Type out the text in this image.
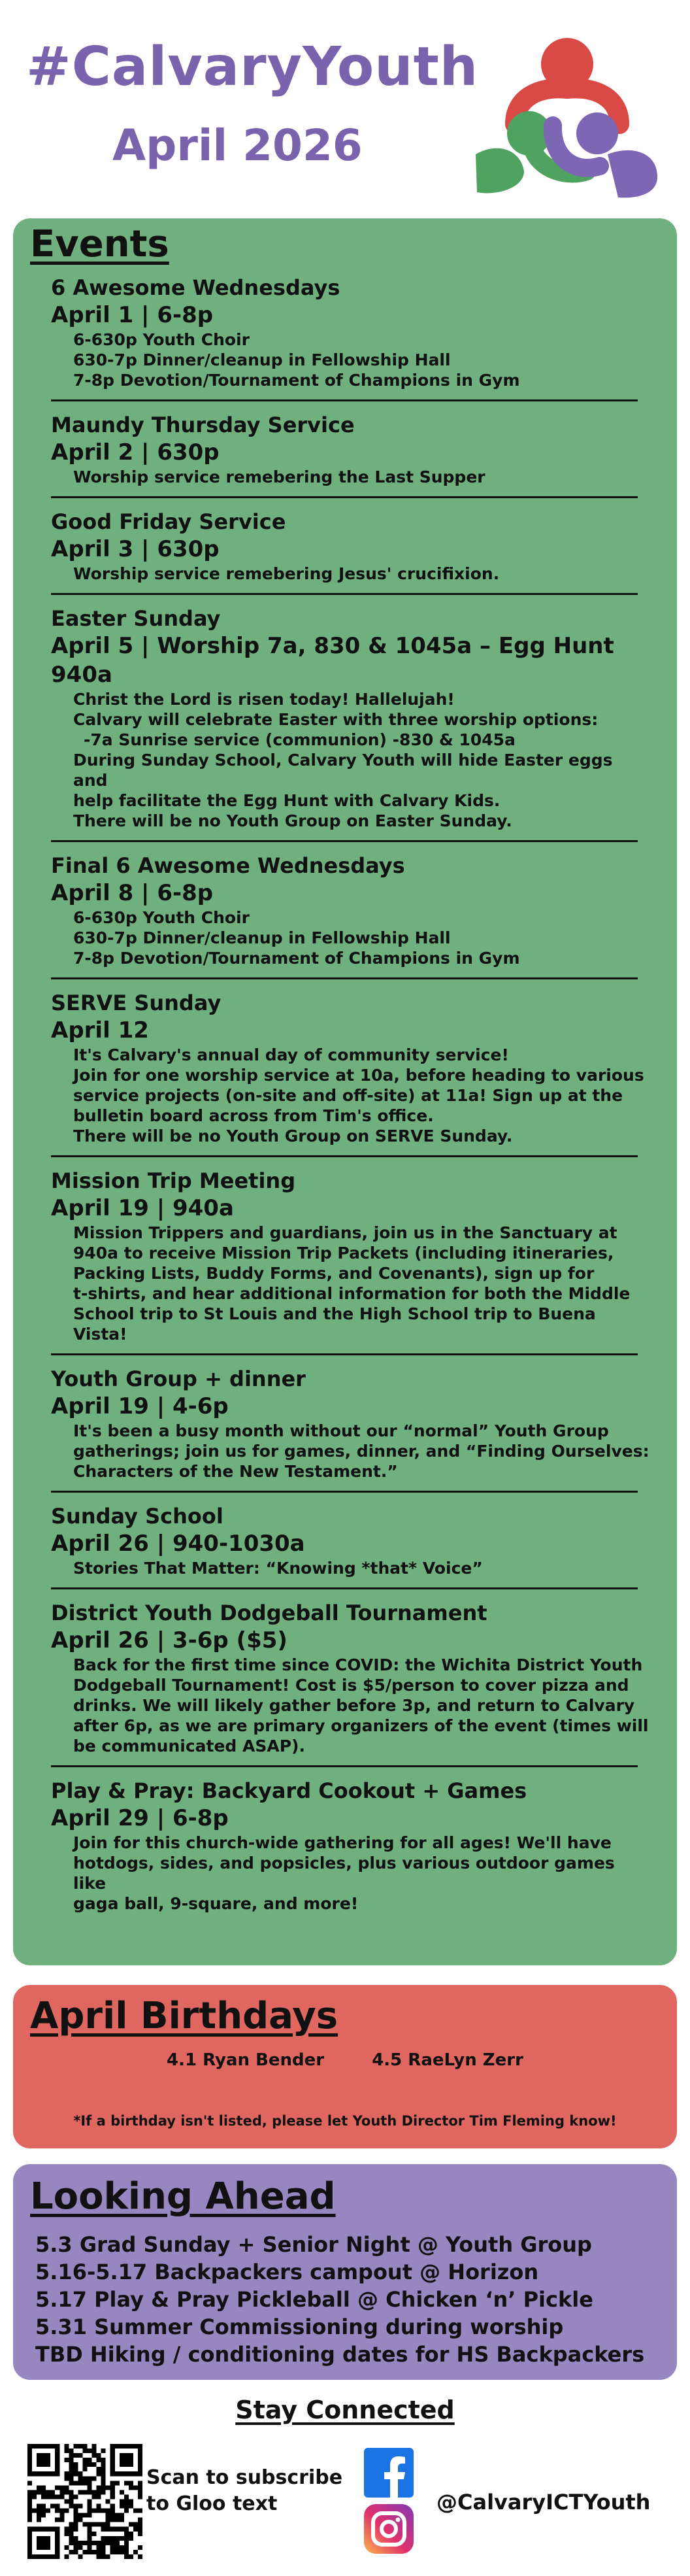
#CalvaryYouth
April 2026
Events
6 Awesome Wednesdays
April 1 | 6-8p
6-630p Youth Choir
630-7p Dinner/cleanup in Fellowship Hall
7-8p Devotion/Tournament of Champions in Gym
Maundy Thursday Service
April 2 | 630p
Worship service remebering the Last Supper
Good Friday Service
April 3 | 630p
Worship service remebering Jesus' crucifixion.
Easter Sunday
April 5 | Worship 7a, 830 & 1045a – Egg Hunt 940a
Christ the Lord is risen today! Hallelujah!
Calvary will celebrate Easter with three worship options:
-7a Sunrise service (communion) -830 & 1045a
During Sunday School, Calvary Youth will hide Easter eggs and
help facilitate the Egg Hunt with Calvary Kids.
There will be no Youth Group on Easter Sunday.
Final 6 Awesome Wednesdays
April 8 | 6-8p
6-630p Youth Choir
630-7p Dinner/cleanup in Fellowship Hall
7-8p Devotion/Tournament of Champions in Gym
SERVE Sunday
April 12
It's Calvary's annual day of community service!
Join for one worship service at 10a, before heading to various
service projects (on-site and off-site) at 11a! Sign up at the
bulletin board across from Tim's office.
There will be no Youth Group on SERVE Sunday.
Mission Trip Meeting
April 19 | 940a
Mission Trippers and guardians, join us in the Sanctuary at
940a to receive Mission Trip Packets (including itineraries,
Packing Lists, Buddy Forms, and Covenants), sign up for
t-shirts, and hear additional information for both the Middle
School trip to St Louis and the High School trip to Buena Vista!
Youth Group + dinner
April 19 | 4-6p
It's been a busy month without our “normal” Youth Group
gatherings; join us for games, dinner, and “Finding Ourselves:
Characters of the New Testament.”
Sunday School
April 26 | 940-1030a
Stories That Matter: “Knowing *that* Voice”
District Youth Dodgeball Tournament
April 26 | 3-6p ($5)
Back for the first time since COVID: the Wichita District Youth
Dodgeball Tournament! Cost is $5/person to cover pizza and
drinks. We will likely gather before 3p, and return to Calvary
after 6p, as we are primary organizers of the event (times will
be communicated ASAP).
Play & Pray: Backyard Cookout + Games
April 29 | 6-8p
Join for this church-wide gathering for all ages! We'll have
hotdogs, sides, and popsicles, plus various outdoor games like
gaga ball, 9-square, and more!
April Birthdays
4.1 Ryan Bender	4.5 RaeLyn Zerr
*If a birthday isn't listed, please let Youth Director Tim Fleming know!
Looking Ahead
5.3 Grad Sunday + Senior Night @ Youth Group
5.16-5.17 Backpackers campout @ Horizon
5.17 Play & Pray Pickleball @ Chicken ‘n’ Pickle
5.31 Summer Commissioning during worship
TBD Hiking / conditioning dates for HS Backpackers
Stay Connected
Scan to subscribe to Gloo text	@CalvaryICTYouth
